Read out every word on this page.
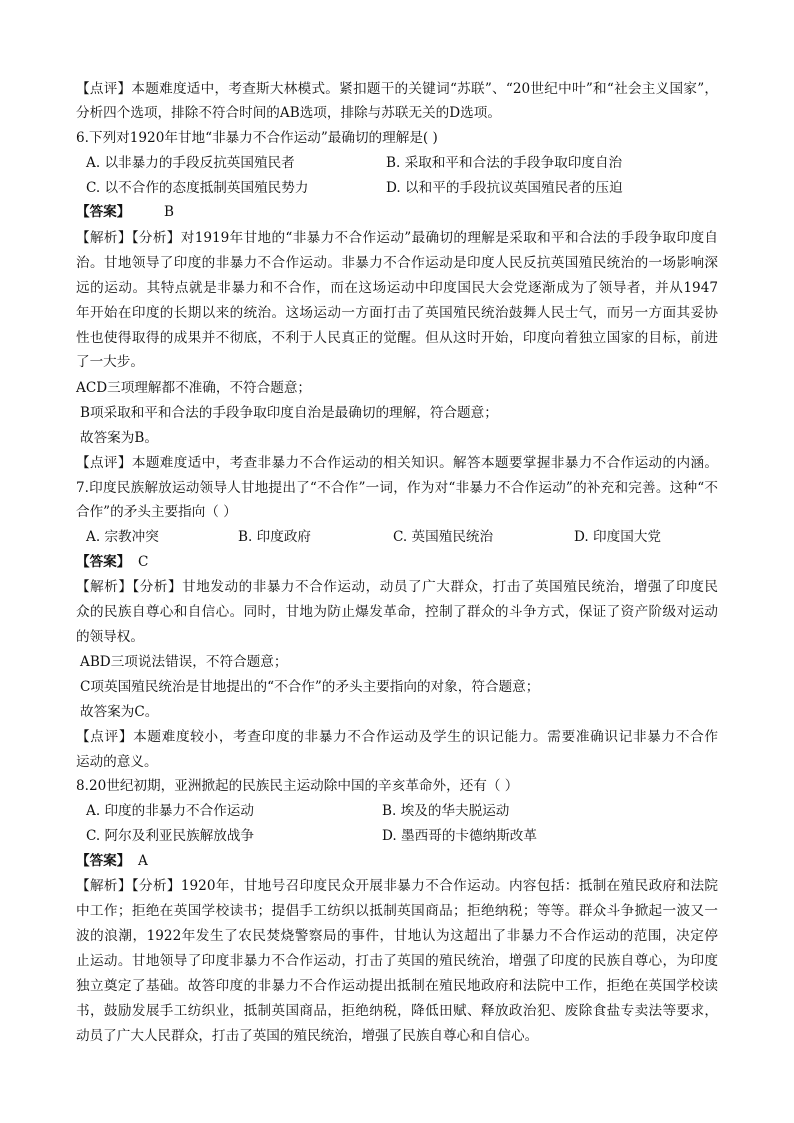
【点评】本题难度适中，考查斯大林模式。紧扣题干的关键词“苏联”、“20世纪中叶”和“社会主义国家”，
分析四个选项，排除不符合时间的AB选项，排除与苏联无关的D选项。
6.下列对1920年甘地“非暴力不合作运动”最确切的理解是( )
A. 以非暴力的手段反抗英国殖民者	B. 采取和平和合法的手段争取印度自治
C. 以不合作的态度抵制英国殖民势力	D. 以和平的手段抗议英国殖民者的压迫
【答案】 B
【解析】【分析】对1919年甘地的“非暴力不合作运动”最确切的理解是采取和平和合法的手段争取印度自
治。甘地领导了印度的非暴力不合作运动。非暴力不合作运动是印度人民反抗英国殖民统治的一场影响深
远的运动。其特点就是非暴力和不合作，而在这场运动中印度国民大会党逐渐成为了领导者，并从1947
年开始在印度的长期以来的统治。这场运动一方面打击了英国殖民统治鼓舞人民士气，而另一方面其妥协
性也使得取得的成果并不彻底，不利于人民真正的觉醒。但从这时开始，印度向着独立国家的目标，前进
了一大步。
ACD三项理解都不准确，不符合题意；
B项采取和平和合法的手段争取印度自治是最确切的理解，符合题意；
故答案为B。
【点评】本题难度适中，考查非暴力不合作运动的相关知识。解答本题要掌握非暴力不合作运动的内涵。
7.印度民族解放运动领导人甘地提出了“不合作”一词，作为对“非暴力不合作运动”的补充和完善。这种“不
合作”的矛头主要指向（ ）
A. 宗教冲突	B. 印度政府	C. 英国殖民统治	D. 印度国大党
【答案】 C
【解析】【分析】甘地发动的非暴力不合作运动，动员了广大群众，打击了英国殖民统治，增强了印度民
众的民族自尊心和自信心。同时，甘地为防止爆发革命，控制了群众的斗争方式，保证了资产阶级对运动
的领导权。
ABD三项说法错误，不符合题意；
C项英国殖民统治是甘地提出的“不合作”的矛头主要指向的对象，符合题意；
故答案为C。
【点评】本题难度较小，考查印度的非暴力不合作运动及学生的识记能力。需要准确识记非暴力不合作
运动的意义。
8.20世纪初期，亚洲掀起的民族民主运动除中国的辛亥革命外，还有（ ）
A. 印度的非暴力不合作运动	B. 埃及的华夫脱运动
C. 阿尔及利亚民族解放战争	D. 墨西哥的卡德纳斯改革
【答案】 A
【解析】【分析】1920年，甘地号召印度民众开展非暴力不合作运动。内容包括：抵制在殖民政府和法院
中工作；拒绝在英国学校读书；提倡手工纺织以抵制英国商品；拒绝纳税；等等。群众斗争掀起一波又一
波的浪潮，1922年发生了农民焚烧警察局的事件，甘地认为这超出了非暴力不合作运动的范围，决定停
止运动。甘地领导了印度非暴力不合作运动，打击了英国的殖民统治，增强了印度的民族自尊心，为印度
独立奠定了基础。故答印度的非暴力不合作运动提出抵制在殖民地政府和法院中工作，拒绝在英国学校读
书，鼓励发展手工纺织业，抵制英国商品，拒绝纳税，降低田赋、释放政治犯、废除食盐专卖法等要求，
动员了广大人民群众，打击了英国的殖民统治，增强了民族自尊心和自信心。
